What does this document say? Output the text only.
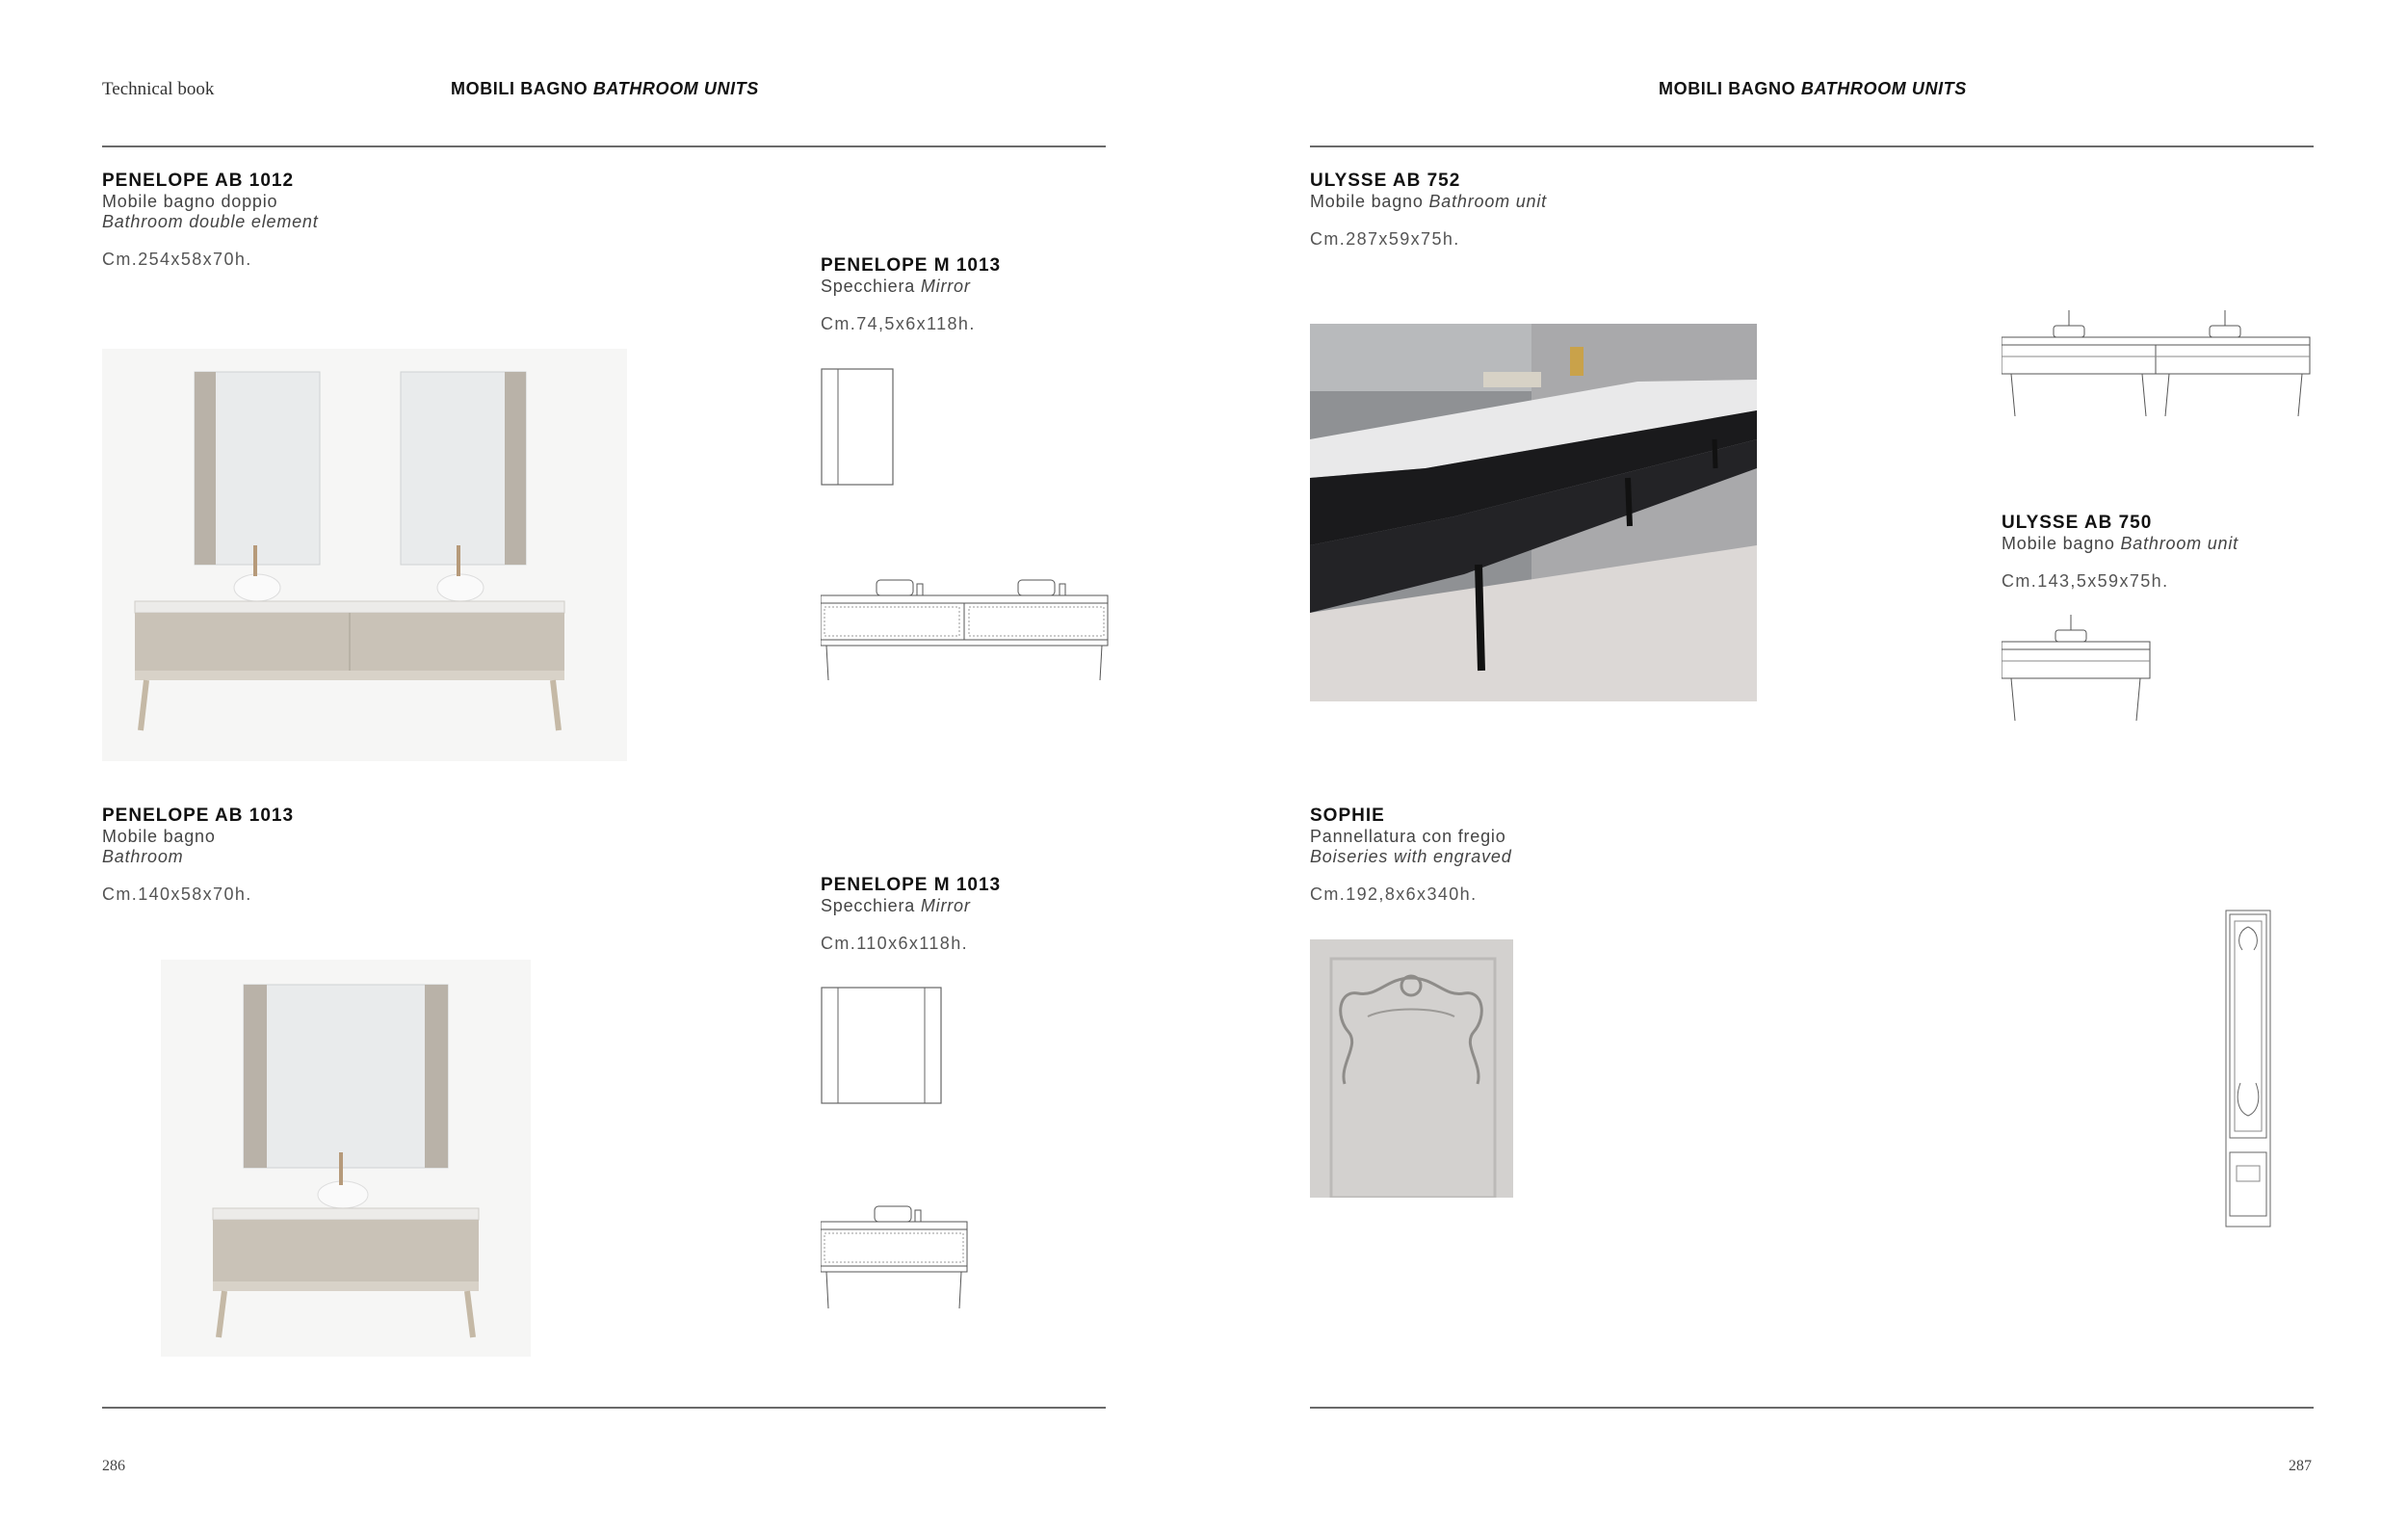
Technical book	MOBILI BAGNO BATHROOM UNITS
PENELOPE AB 1012
Mobile bagno doppio
Bathroom double element
Cm.254x58x70h.	PENELOPE M 1013
Specchiera Mirror
Cm.74,5x6x118h.
PENELOPE AB 1013
Mobile bagno
Bathroom
Cm.140x58x70h.	PENELOPE M 1013
Specchiera Mirror
Cm.110x6x118h.
286
MOBILI BAGNO BATHROOM UNITS
ULYSSE AB 752
Mobile bagno Bathroom unit
Cm.287x59x75h.
ULYSSE AB 750
Mobile bagno Bathroom unit
Cm.143,5x59x75h.
SOPHIE
Pannellatura con fregio
Boiseries with engraved
Cm.192,8x6x340h.
287
